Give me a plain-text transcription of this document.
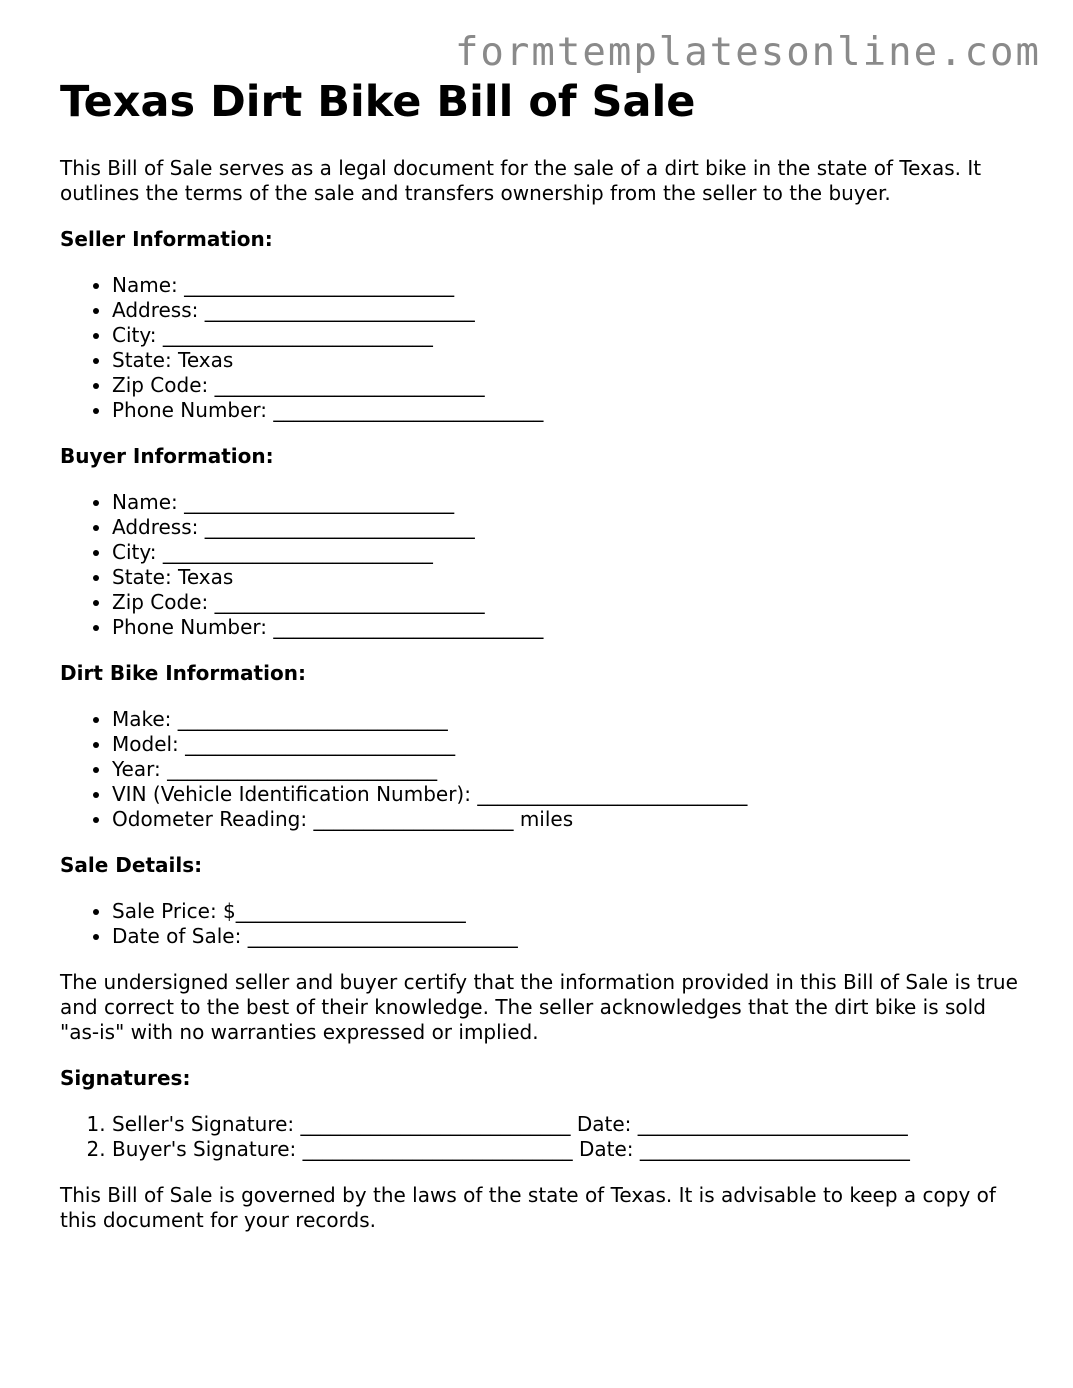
formtemplatesonline.com
Texas Dirt Bike Bill of Sale

This Bill of Sale serves as a legal document for the sale of a dirt bike in the state of Texas. It outlines the terms of the sale and transfers ownership from the seller to the buyer.

Seller Information:
• Name: ___________________________
• Address: ___________________________
• City: ___________________________
• State: Texas
• Zip Code: ___________________________
• Phone Number: ___________________________
Buyer Information:
• Name: ___________________________
• Address: ___________________________
• City: ___________________________
• State: Texas
• Zip Code: ___________________________
• Phone Number: ___________________________
Dirt Bike Information:
• Make: ___________________________
• Model: ___________________________
• Year: ___________________________
• VIN (Vehicle Identification Number): ___________________________
• Odometer Reading: ____________________ miles
Sale Details:
• Sale Price: $_______________________
• Date of Sale: ___________________________

The undersigned seller and buyer certify that the information provided in this Bill of Sale is true and correct to the best of their knowledge. The seller acknowledges that the dirt bike is sold "as-is" with no warranties expressed or implied.

Signatures:
1. Seller's Signature: ___________________________ Date: ___________________________
2. Buyer's Signature: ___________________________ Date: ___________________________

This Bill of Sale is governed by the laws of the state of Texas. It is advisable to keep a copy of this document for your records.
